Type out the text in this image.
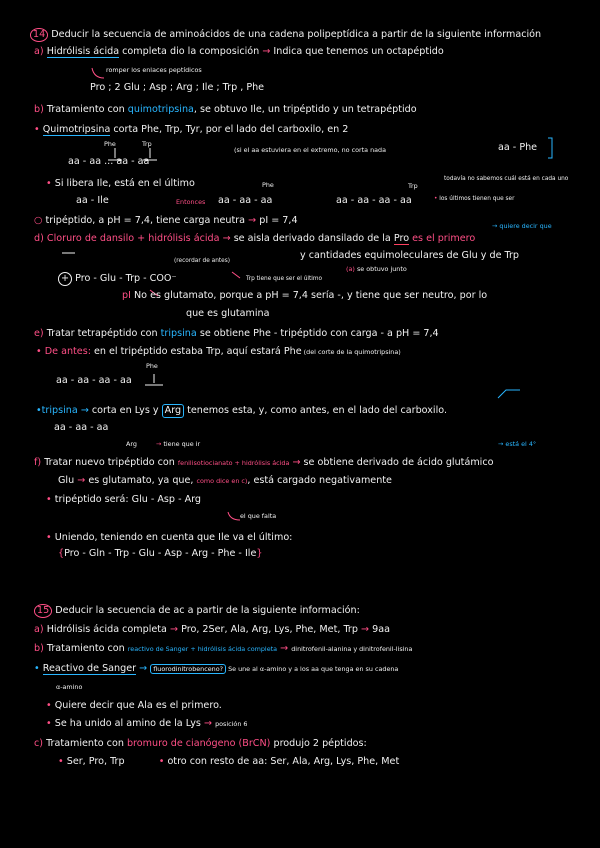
14 Deducir la secuencia de aminoácidos de una cadena polipeptídica a partir de la siguiente información
a) Hidrólisis ácida completa dio la composición → Indica que tenemos un octapéptido
romper los enlaces peptídicos
Pro ; 2 Glu ; Asp ; Arg ; Ile ; Trp , Phe
b) Tratamiento con quimotripsina, se obtuvo Ile, un tripéptido y un tetrapéptido
• Quimotripsina corta Phe, Trp, Tyr, por el lado del carboxilo, en 2
Phe	Trp
aa - aa ... aa - aa
(si el aa estuviera en el extremo, no corta nada	aa - Phe
• Si libera Ile, está en el último	Phe
aa - Ile	Entonces aa - aa - aa
Trp
aa - aa - aa - aa
todavía no sabemos cuál está en cada uno
• los últimos tienen que ser
○ tripéptido, a pH = 7,4, tiene carga neutra → pI = 7,4
d) Cloruro de dansilo + hidrólisis ácida → se aisla derivado dansilado de la Pro es el primero
→ quiere decir que
y cantidades equimoleculares de Glu y de Trp
(a) se obtuvo junto
(recordar de antes)
+ Pro - Glu - Trp - COO⁻	Trp tiene que ser el último
pI No es glutamato, porque a pH = 7,4 sería -, y tiene que ser neutro, por lo
que es glutamina
e) Tratar tetrapéptido con tripsina se obtiene Phe - tripéptido con carga - a pH = 7,4
• De antes: en el tripéptido estaba Trp, aquí estará Phe (del corte de la quimotripsina)
Phe
aa - aa - aa - aa
•tripsina → corta en Lys y Arg tenemos esta, y, como antes, en el lado del carboxilo.
aa - aa - aa
Arg	→ tiene que ir	→ está el 4°
f) Tratar nuevo tripéptido con fenilisotiocianato + hidrólisis ácida → se obtiene derivado de ácido glutámico
Glu → es glutamato, ya que, como dice en c), está cargado negativamente
• tripéptido será: Glu - Asp - Arg
el que falta
• Uniendo, teniendo en cuenta que Ile va el último:
{Pro - Gln - Trp - Glu - Asp - Arg - Phe - Ile}
15 Deducir la secuencia de ac a partir de la siguiente información:
a) Hidrólisis ácida completa → Pro, 2Ser, Ala, Arg, Lys, Phe, Met, Trp → 9aa
b) Tratamiento con reactivo de Sanger + hidrólisis ácida completa → dinitrofenil-alanina y dinitrofenil-lisina
• Reactivo de Sanger → fluorodinitrobenceno? Se une al α-amino y a los aa que tenga en su cadena
α-amino
• Quiere decir que Ala es el primero.
• Se ha unido al amino de la Lys → posición 6
c) Tratamiento con bromuro de cianógeno (BrCN) produjo 2 péptidos:
• Ser, Pro, Trp	• otro con resto de aa: Ser, Ala, Arg, Lys, Phe, Met
